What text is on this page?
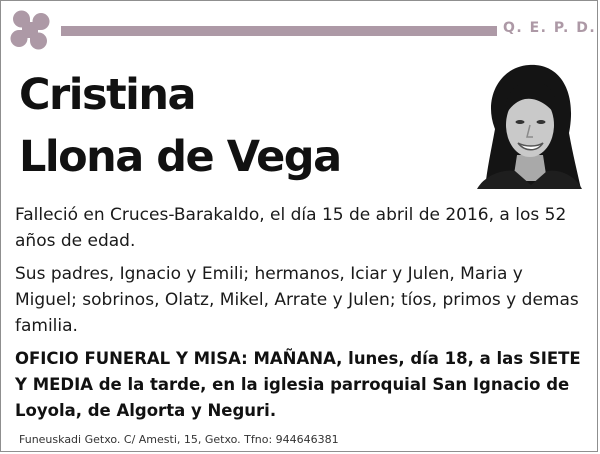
Q. E. P. D.
Cristina
Llona de Vega
Falleció en Cruces-Barakaldo, el día 15 de abril de 2016, a los 52 años de edad.
Sus padres, Ignacio y Emili; hermanos, Iciar y Julen, Maria y Miguel; sobrinos, Olatz, Mikel, Arrate y Julen; tíos, primos y demas familia.
OFICIO FUNERAL Y MISA: MAÑANA, lunes, día 18, a las SIETE Y MEDIA de la tarde, en la iglesia parroquial San Ignacio de Loyola, de Algorta y Neguri.
Funeuskadi Getxo. C/ Amesti, 15, Getxo. Tfno: 944646381
